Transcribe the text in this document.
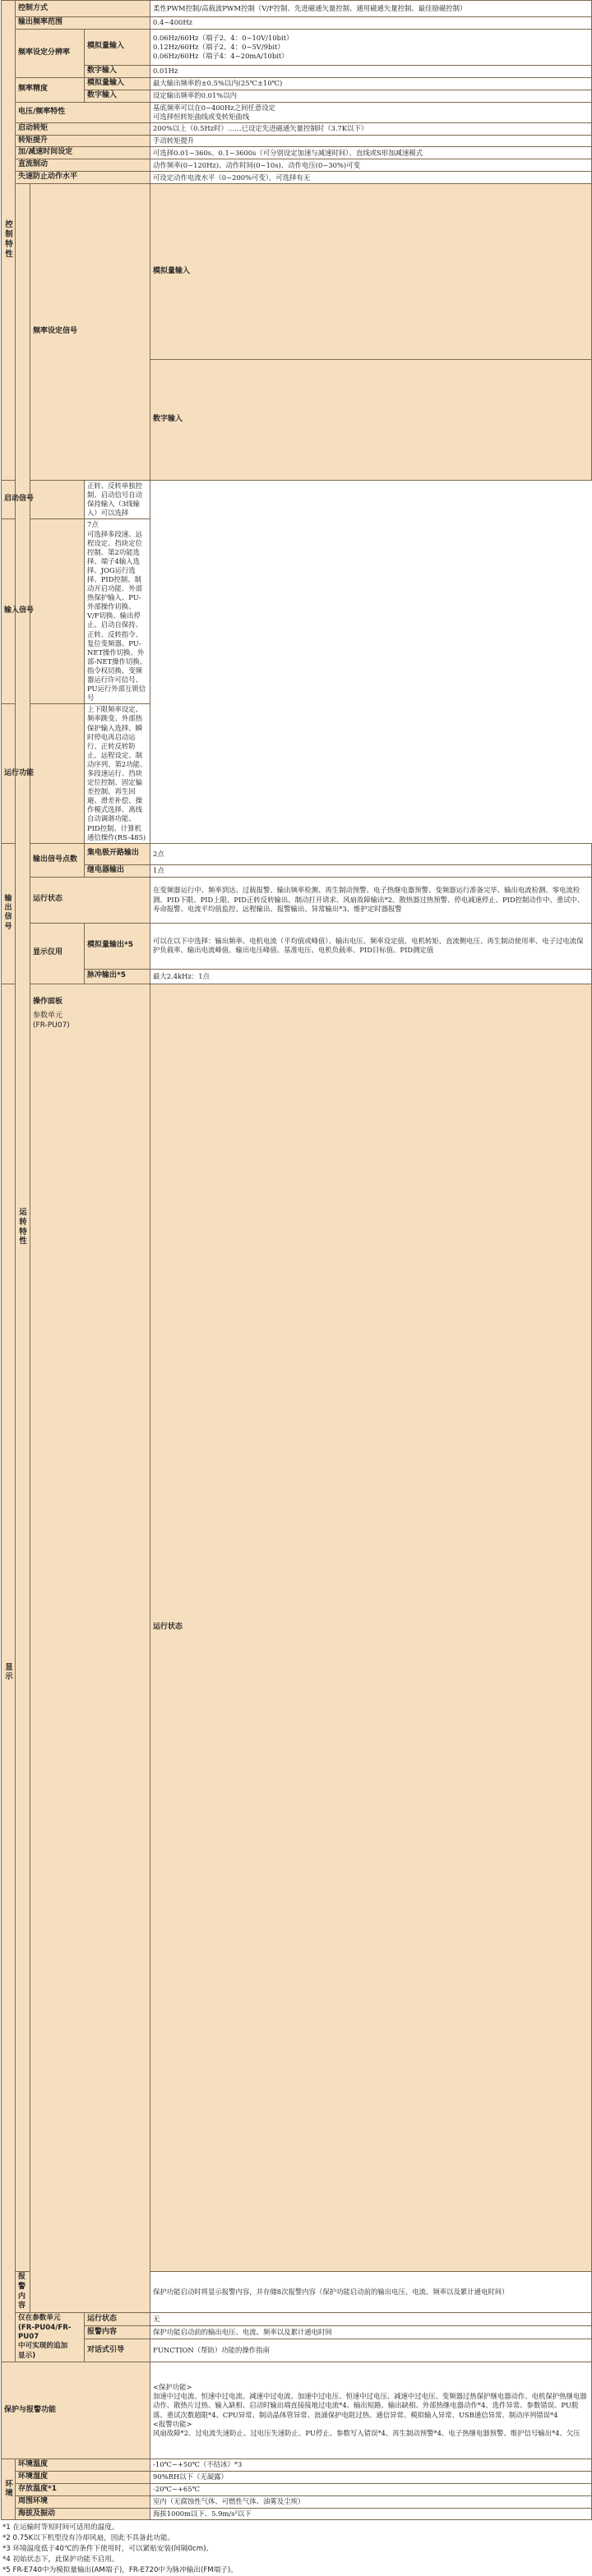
控制特性	控制方式			柔性PWM控制/高载波PWM控制（V/F控制、先进磁通矢量控制、通用磁通矢量控制、最佳励磁控制）	
	输出频率范围			0.4~400Hz	
	频率设定分辨率		模拟量输入	0.06Hz/60Hz（端子2、4：0~10V/10bit）
0.12Hz/60Hz（端子2、4：0~5V/9bit）
0.06Hz/60Hz（端子4：4~20mA/10bit）	
			数字输入	0.01Hz	
	频率精度		模拟量输入	最大输出频率的±0.5%以内(25℃±10℃)	
			数字输入	设定输出频率的0.01%以内	
	电压/频率特性			基底频率可以在0~400Hz之间任意设定
可选择恒转矩曲线或变转矩曲线	
	启动转矩			200%以上（0.5Hz时）……已设定先进磁通矢量控制时（3.7K以下）	
	转矩提升			手动转矩提升	
	加/减速时间设定			可选择0.01~360s、0.1~3600s（可分别设定加速与减速时间）、直线或S形加减速模式	
	直流制动			动作频率(0~120Hz)、动作时间(0~10s)、动作电压(0~30%)可变	
	失速防止动作水平			可设定动作电流水平（0~200%可变），可选择有无	
	运转特性	频率设定信号		模拟量输入	
				数字输入	
启动信号			正转、反转单独控制、启动信号自动保持输入（3线输入）可以选择		
输入信号			7点
可选择多段速、远程设定、挡块定位控制、第2功能选择、端子4输入选择、JOG运行选择、PID控制、制动开启功能、外部热保护输入、PU-外部操作切换、V/F切换、输出停止、启动自保持、正转、反转指令、复位变频器、PU-NET操作切换、外部-NET操作切换、指令权切换、变频器运行许可信号、PU运行外部互锁信号		
运行功能			上下限频率设定、频率跳变、外部热保护输入选择、瞬时停电再启动运行、正转反转防止、远程设定、制动序列、第2功能、多段速运行、挡块定位控制、固定偏差控制、再生回避、滑差补偿、操作模式选择、离线自动调谐功能、PID控制、计算机通信操作(RS-485)		
输出信号		输出信号点数	集电极开路输出	2点	
			继电器输出	1点	
		运行状态		在变频器运行中、频率到达、过载报警、输出频率检测、再生制动预警、电子热继电器预警、变频器运行准备完毕、输出电流检测、零电流检测、PID下限、PID上限、PID正转反转输出、制动打开请求、风扇故障输出*2、散热器过热预警、停电减速停止、PID控制动作中、重试中、寿命报警、电流平均值监控、远程输出、报警输出、异常输出*3、维护定时器报警	
		显示仪用	模拟量输出*5	可以在以下中选择：输出频率、电机电流（平均值或峰值）、输出电压、频率设定值、电机转矩、直流侧电压、再生制动使用率、电子过电流保护负载率、输出电流峰值、输出电压峰值、基准电压、电机负载率、PID目标值、PID测定值	
			脉冲输出*5	最大2.4kHz：1点	
显示		操作面板
参数单元
(FR-PU07)		运行状态	
	报警内容			保护功能启动时将显示报警内容，并存储8次报警内容（保护功能启动前的输出电压、电流、频率以及累计通电时间）	
	仅在参数单元
(FR-PU04/FR-PU07
中可实现的追加
显示)		运行状态	无	
			报警内容	保护功能启动前的输出电压、电流、频率以及累计通电时间	
			对话式引导	FUNCTION（帮助）功能的操作指南	
保护与报警功能				<保护功能>
加速中过电流、恒速中过电流、减速中过电流、加速中过电压、恒速中过电压、减速中过电压、变频器过热保护继电器动作、电机保护热继电器动作、散热片过热、输入缺相、启动时输出端直接接地过电流*4、输出短路、输出缺相、外部热继电器动作*4、选件异常、参数错误、PU脱落、重试次数超限*4、CPU异常、制动晶体管异常、浪涌保护电阻过热、通信异常、模拟输入异常、USB通信异常、制动序列错误*4
<报警功能>
风扇故障*2、过电流失速防止、过电压失速防止、PU停止、参数写入错误*4、再生制动预警*4、电子热继电器预警、维护信号输出*4、欠压	
环境	环境温度			-10℃~+50℃（不结冰）*3	
	环境湿度			90%RH以下（无凝露）	
	存放温度*1			-20℃~+65℃	
	周围环境			室内（无腐蚀性气体、可燃性气体、油雾及尘埃）	
	海拔及振动			海拔1000m以下、5.9m/s²以下	
*1 在运输时等短时间可适用的温度。
*2 0.75K以下机型没有冷却风扇，因此不具备此功能。
*3 环境温度低于40℃的条件下使用时，可以紧贴安装(间隔0cm)。
*4 初始状态下，此保护功能不启用。
*5 FR-E740中为模拟量输出(AM端子)，FR-E720中为脉冲输出(FM端子)。
